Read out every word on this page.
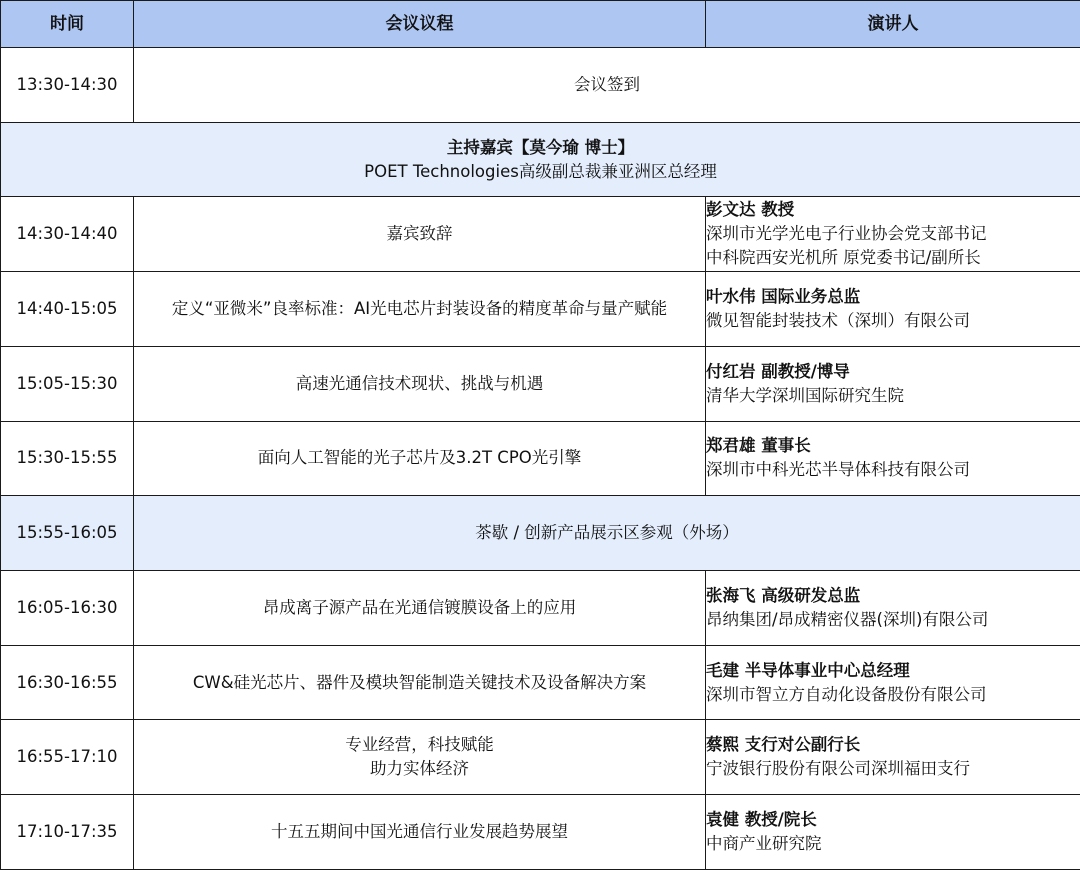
时间	会议议程	演讲人
13:30-14:30	会议签到	

主持嘉宾【莫今瑜 博士】
POET Technologies高级副总裁兼亚洲区总经理		

14:30-14:40	嘉宾致辞	彭文达 教授
深圳市光学光电子行业协会党支部书记
中科院西安光机所 原党委书记/副所长

14:40-15:05	定义“亚微米”良率标准：AI光电芯片封装设备的精度革命与量产赋能	叶水伟 国际业务总监
微见智能封装技术（深圳）有限公司

15:05-15:30	高速光通信技术现状、挑战与机遇	付红岩 副教授/博导
清华大学深圳国际研究生院

15:30-15:55	面向人工智能的光子芯片及3.2T CPO光引擎	郑君雄 董事长
深圳市中科光芯半导体科技有限公司

15:55-16:05	茶歇 / 创新产品展示区参观（外场）	
16:05-16:30	昂成离子源产品在光通信镀膜设备上的应用	张海飞 高级研发总监
昂纳集团/昂成精密仪器(深圳)有限公司

16:30-16:55	CW&硅光芯片、器件及模块智能制造关键技术及设备解决方案	毛建 半导体事业中心总经理
深圳市智立方自动化设备股份有限公司

16:55-17:10	专业经营，科技赋能
助力实体经济	蔡熙 支行对公副行长
宁波银行股份有限公司深圳福田支行

17:10-17:35	十五五期间中国光通信行业发展趋势展望	袁健 教授/院长
中商产业研究院
